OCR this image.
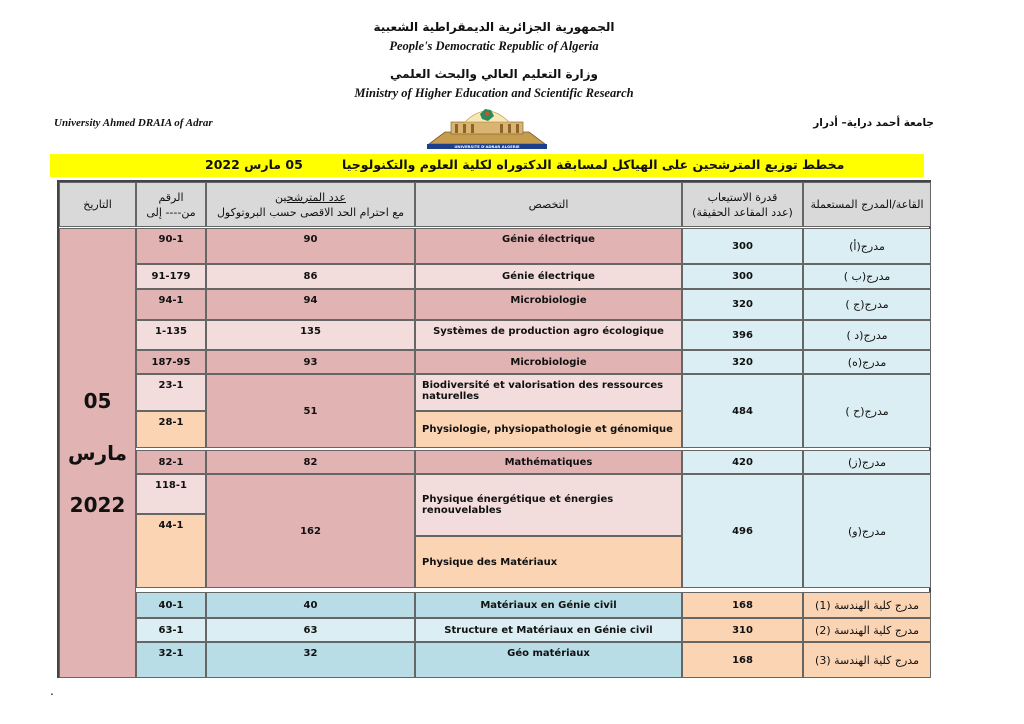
الجمهورية الجزائرية الديمقراطية الشعبية
People's Democratic Republic of Algeria
وزارة التعليم العالي والبحث العلمي
Ministry of Higher Education and Scientific Research
University Ahmed DRAIA of Adrar	جامعة أحمد دراية– أدرار
UNIVERSITE D'ADRAR ALGERIE
مخطط توزيع المترشحين على الهياكل لمسابقة الدكتوراه لكلية العلوم والتكنولوجيا
05 مارس 2022
القاعة/المدرج المستعملة
قدرة الاستيعاب
(عدد المقاعد الحقيقة)
التخصص
عدد المترشحين
مع احترام الحد الاقصى حسب البروتوكول
الرقم
من---- إلى
التاريخ
05
مارس
2022
مدرج(أ)
300
Génie électrique
90
90-1
مدرج(ب )
300
Génie électrique
86
91-179
مدرج(ج )
320
Microbiologie
94
94-1
مدرج(د )
396
Systèmes de production agro écologique
135
1-135
مدرج(ه)
320
Microbiologie
93
187-95
مدرج(ح )
484
Biodiversité et valorisation des ressources naturelles
Physiologie, physiopathologie et génomique
51
23-1
28-1
مدرج(ز)
420
Mathématiques
82
82-1
مدرج(و)
496
Physique énergétique et énergies renouvelables
Physique des Matériaux
162
118-1
44-1
مدرج كلية الهندسة (1)
168
Matériaux en Génie civil
40
40-1
مدرج كلية الهندسة (2)
310
Structure et Matériaux en Génie civil
63
63-1
مدرج كلية الهندسة (3)
168
Géo matériaux
32
32-1
.
